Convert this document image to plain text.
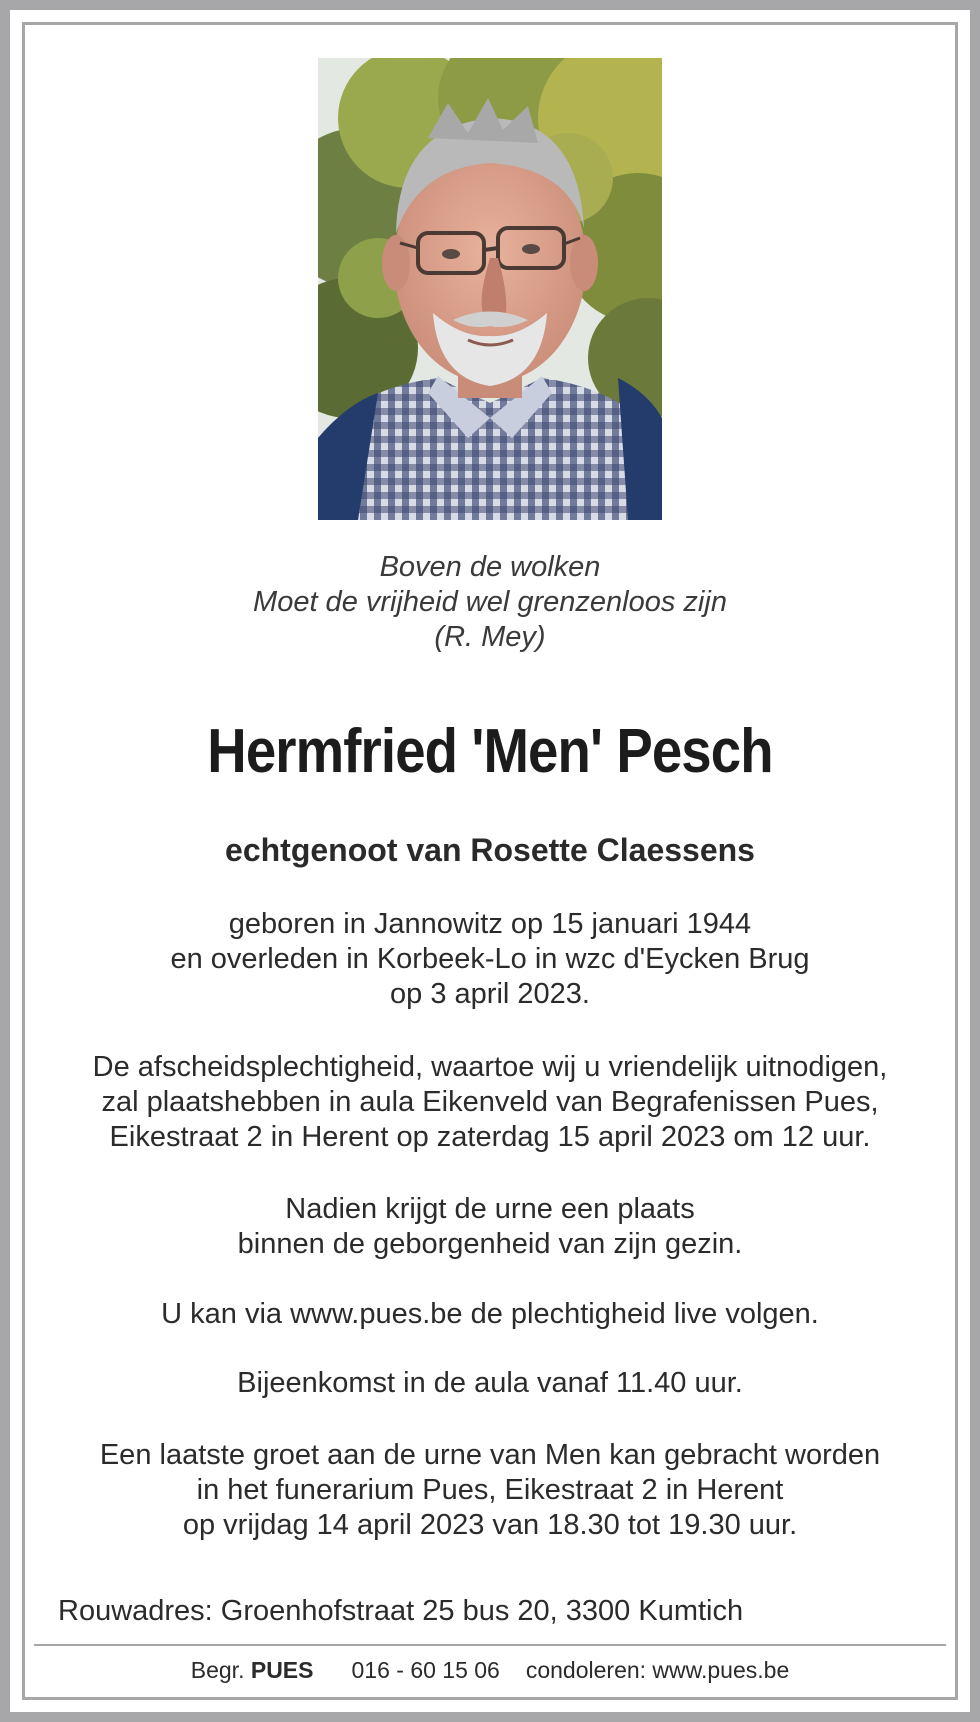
Boven de wolken
Moet de vrijheid wel grenzenloos zijn
(R. Mey)
Hermfried 'Men' Pesch
echtgenoot van Rosette Claessens
geboren in Jannowitz op 15 januari 1944
en overleden in Korbeek-Lo in wzc d'Eycken Brug
op 3 april 2023.
De afscheidsplechtigheid, waartoe wij u vriendelijk uitnodigen,
zal plaatshebben in aula Eikenveld van Begrafenissen Pues,
Eikestraat 2 in Herent op zaterdag 15 april 2023 om 12 uur.
Nadien krijgt de urne een plaats
binnen de geborgenheid van zijn gezin.
U kan via www.pues.be de plechtigheid live volgen.
Bijeenkomst in de aula vanaf 11.40 uur.
Een laatste groet aan de urne van Men kan gebracht worden
in het funerarium Pues, Eikestraat 2 in Herent
op vrijdag 14 april 2023 van 18.30 tot 19.30 uur.
Rouwadres: Groenhofstraat 25 bus 20, 3300 Kumtich
Begr. PUES 016 - 60 15 06 condoleren: www.pues.be
